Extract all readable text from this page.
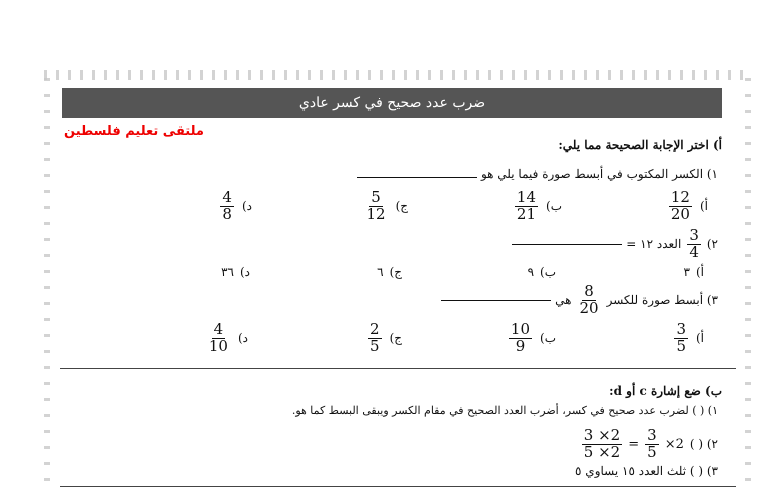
ضرب عدد صحيح في كسر عادي
ملتقى تعليم فلسطين
أ) اختر الإجابة الصحيحة مما يلي:
١) الكسر المكتوب في أبسط صورة فيما يلي هو
أ)
$\frac{12}{20}$
ب)
$\frac{14}{21}$
ج)
$\frac{5}{12}$
د)
$\frac{4}{8}$
٢)
$\frac{3}{4}$
العدد ١٢ =
أ)
٣
ب)
٩
ج)
٦
د)
٣٦
٣) أبسط صورة للكسر
$\frac{8}{20}$
هي
أ)
$\frac{3}{5}$
ب)
$\frac{10}{9}$
ج)
$\frac{2}{5}$
د)
$\frac{4}{10}$
ب) ضع إشارة c أو d:
١) ( ) لضرب عدد صحيح في كسر، أضرب العدد الصحيح في مقام الكسر ويبقى البسط كما هو.
٢) ( )
$\frac{3 \times 2}{5 \times 2} = \frac{3}{5} \times 2$
٣) ( ) ثلث العدد ١٥ يساوي ٥
